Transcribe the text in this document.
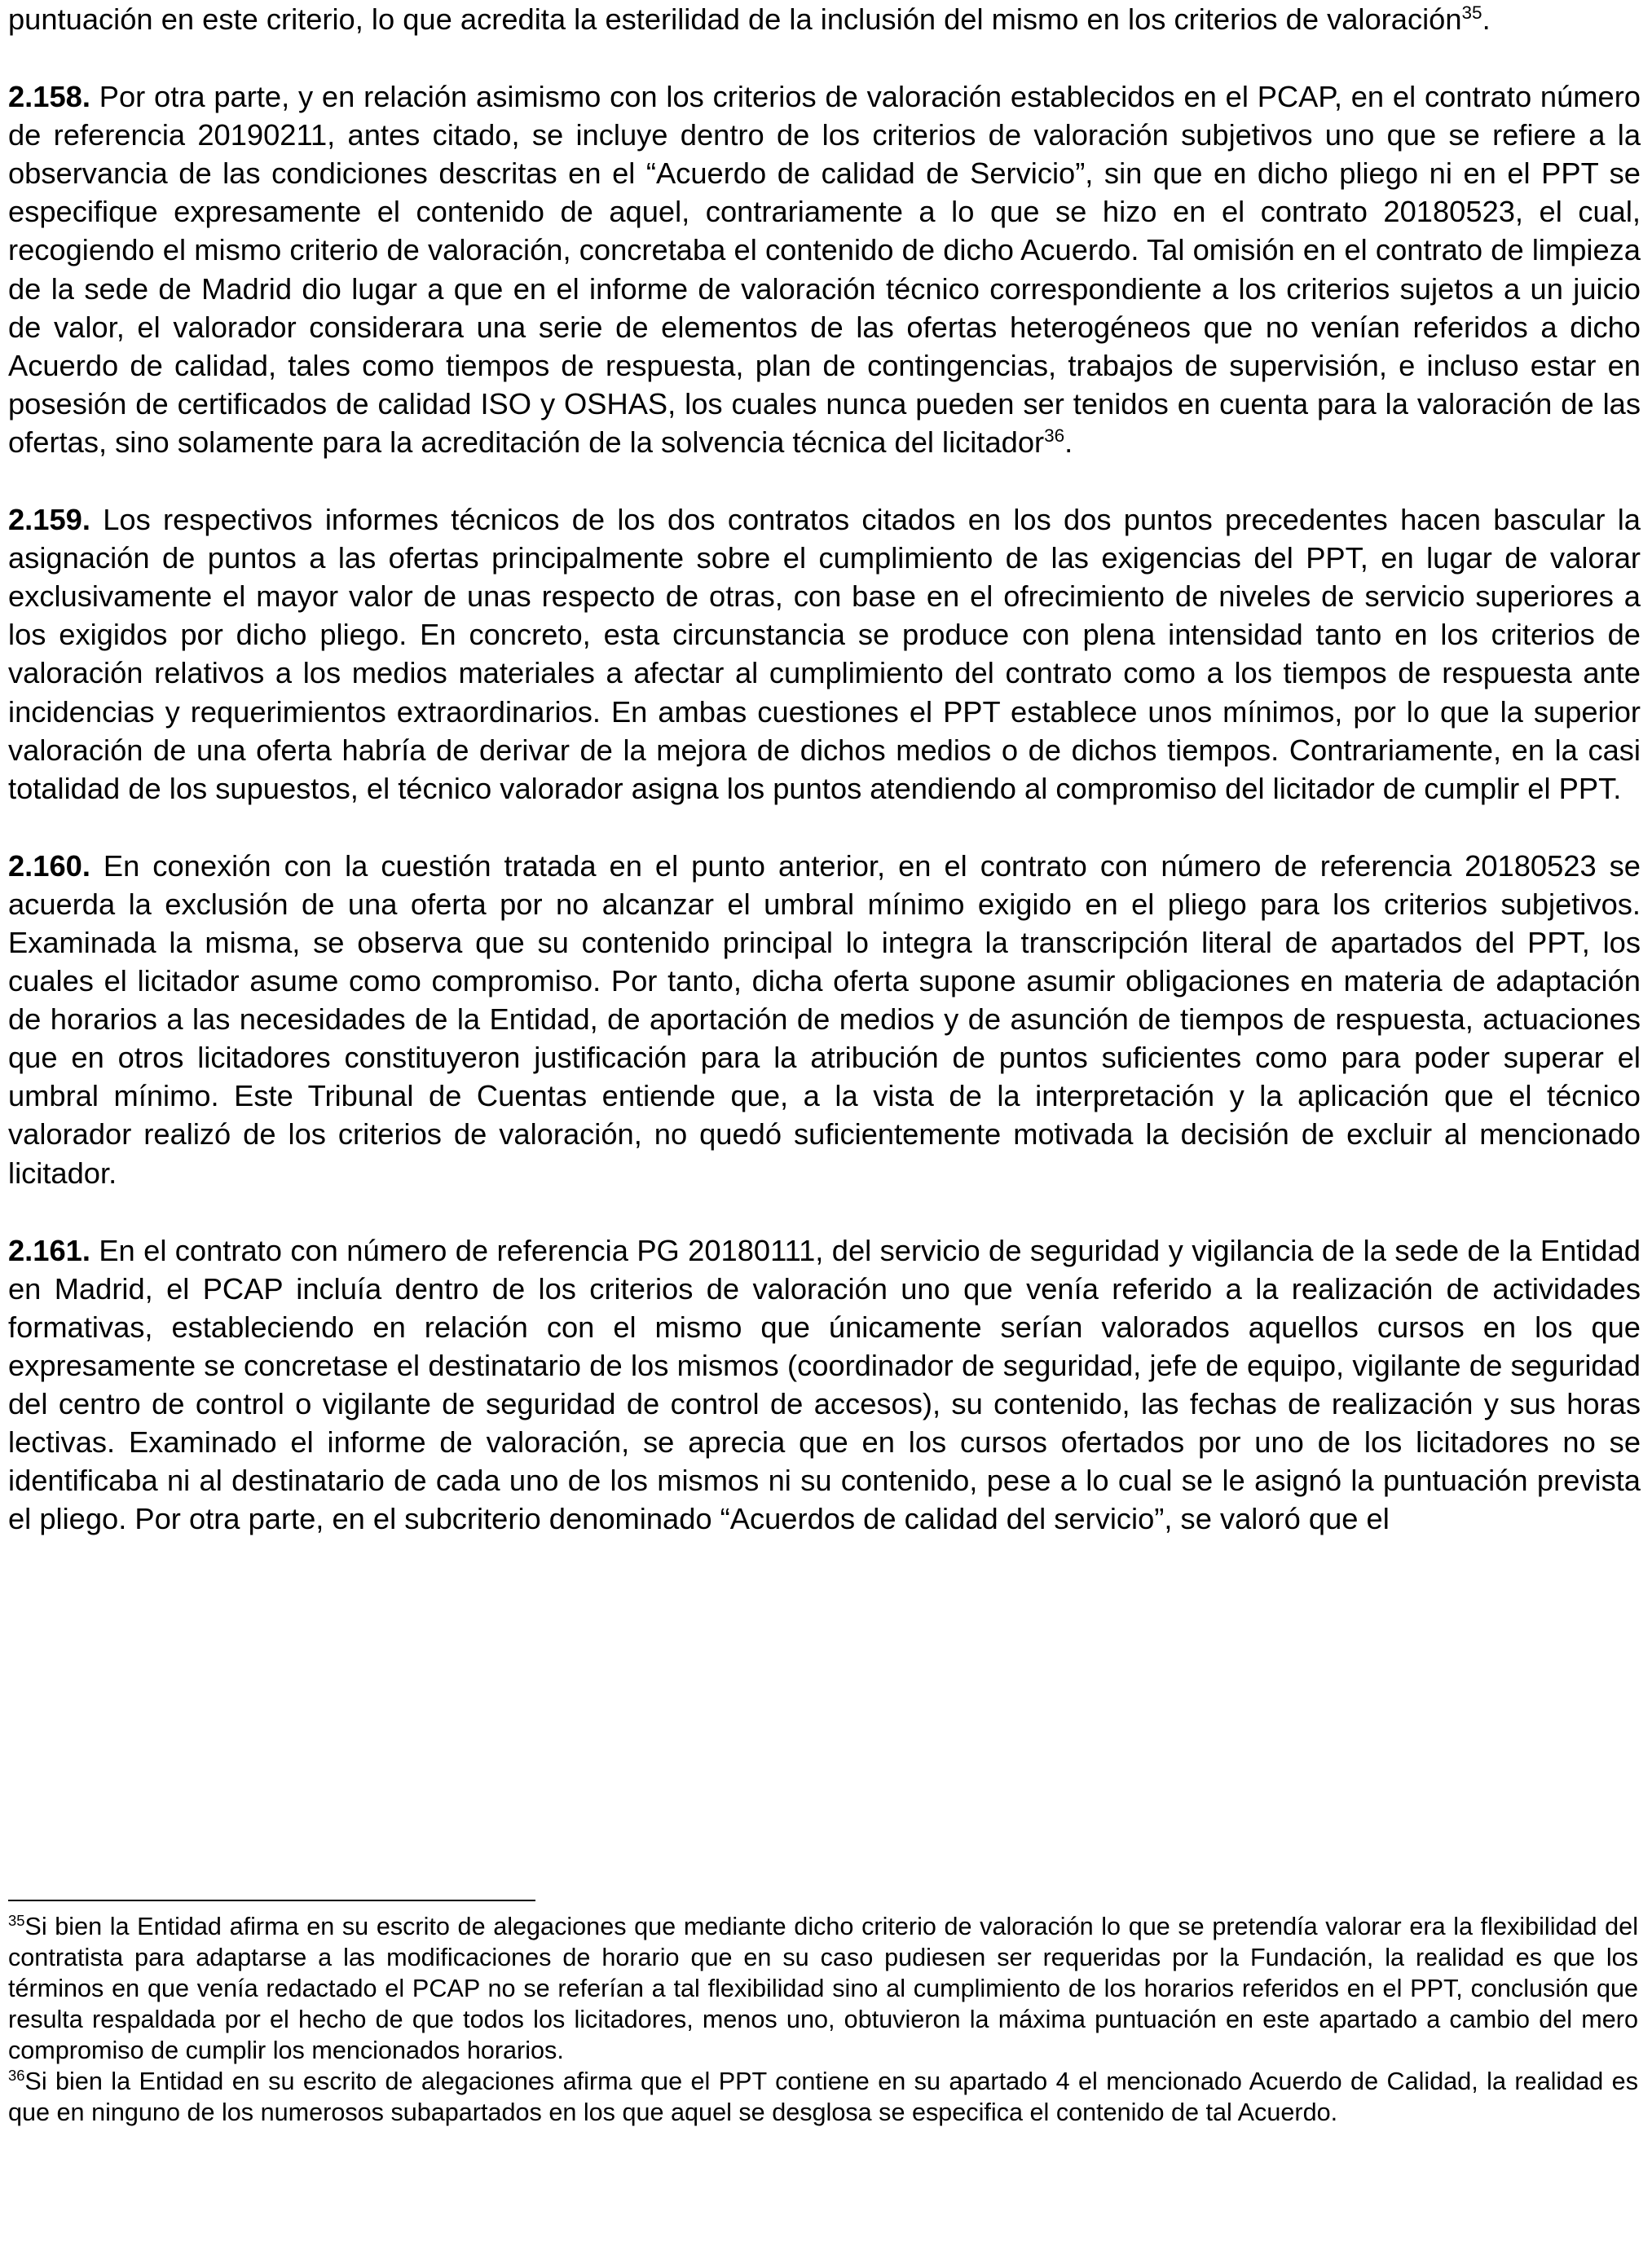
puntuación en este criterio, lo que acredita la esterilidad de la inclusión del mismo en los criterios de valoración$^{35}$.

2.158. Por otra parte, y en relación asimismo con los criterios de valoración establecidos en el PCAP, en el contrato número de referencia 20190211, antes citado, se incluye dentro de los criterios de valoración subjetivos uno que se refiere a la observancia de las condiciones descritas en el “Acuerdo de calidad de Servicio”, sin que en dicho pliego ni en el PPT se especifique expresamente el contenido de aquel, contrariamente a lo que se hizo en el contrato 20180523, el cual, recogiendo el mismo criterio de valoración, concretaba el contenido de dicho Acuerdo. Tal omisión en el contrato de limpieza de la sede de Madrid dio lugar a que en el informe de valoración técnico correspondiente a los criterios sujetos a un juicio de valor, el valorador considerara una serie de elementos de las ofertas heterogéneos que no venían referidos a dicho Acuerdo de calidad, tales como tiempos de respuesta, plan de contingencias, trabajos de supervisión, e incluso estar en posesión de certificados de calidad ISO y OSHAS, los cuales nunca pueden ser tenidos en cuenta para la valoración de las ofertas, sino solamente para la acreditación de la solvencia técnica del licitador$^{36}$.

2.159. Los respectivos informes técnicos de los dos contratos citados en los dos puntos precedentes hacen bascular la asignación de puntos a las ofertas principalmente sobre el cumplimiento de las exigencias del PPT, en lugar de valorar exclusivamente el mayor valor de unas respecto de otras, con base en el ofrecimiento de niveles de servicio superiores a los exigidos por dicho pliego. En concreto, esta circunstancia se produce con plena intensidad tanto en los criterios de valoración relativos a los medios materiales a afectar al cumplimiento del contrato como a los tiempos de respuesta ante incidencias y requerimientos extraordinarios. En ambas cuestiones el PPT establece unos mínimos, por lo que la superior valoración de una oferta habría de derivar de la mejora de dichos medios o de dichos tiempos. Contrariamente, en la casi totalidad de los supuestos, el técnico valorador asigna los puntos atendiendo al compromiso del licitador de cumplir el PPT.

2.160. En conexión con la cuestión tratada en el punto anterior, en el contrato con número de referencia 20180523 se acuerda la exclusión de una oferta por no alcanzar el umbral mínimo exigido en el pliego para los criterios subjetivos. Examinada la misma, se observa que su contenido principal lo integra la transcripción literal de apartados del PPT, los cuales el licitador asume como compromiso. Por tanto, dicha oferta supone asumir obligaciones en materia de adaptación de horarios a las necesidades de la Entidad, de aportación de medios y de asunción de tiempos de respuesta, actuaciones que en otros licitadores constituyeron justificación para la atribución de puntos suficientes como para poder superar el umbral mínimo. Este Tribunal de Cuentas entiende que, a la vista de la interpretación y la aplicación que el técnico valorador realizó de los criterios de valoración, no quedó suficientemente motivada la decisión de excluir al mencionado licitador.

2.161. En el contrato con número de referencia PG 20180111, del servicio de seguridad y vigilancia de la sede de la Entidad en Madrid, el PCAP incluía dentro de los criterios de valoración uno que venía referido a la realización de actividades formativas, estableciendo en relación con el mismo que únicamente serían valorados aquellos cursos en los que expresamente se concretase el destinatario de los mismos (coordinador de seguridad, jefe de equipo, vigilante de seguridad del centro de control o vigilante de seguridad de control de accesos), su contenido, las fechas de realización y sus horas lectivas. Examinado el informe de valoración, se aprecia que en los cursos ofertados por uno de los licitadores no se identificaba ni al destinatario de cada uno de los mismos ni su contenido, pese a lo cual se le asignó la puntuación prevista el pliego. Por otra parte, en el subcriterio denominado “Acuerdos de calidad del servicio”, se valoró que el

$^{35}$Si bien la Entidad afirma en su escrito de alegaciones que mediante dicho criterio de valoración lo que se pretendía valorar era la flexibilidad del contratista para adaptarse a las modificaciones de horario que en su caso pudiesen ser requeridas por la Fundación, la realidad es que los términos en que venía redactado el PCAP no se referían a tal flexibilidad sino al cumplimiento de los horarios referidos en el PPT, conclusión que resulta respaldada por el hecho de que todos los licitadores, menos uno, obtuvieron la máxima puntuación en este apartado a cambio del mero compromiso de cumplir los mencionados horarios.

$^{36}$Si bien la Entidad en su escrito de alegaciones afirma que el PPT contiene en su apartado 4 el mencionado Acuerdo de Calidad, la realidad es que en ninguno de los numerosos subapartados en los que aquel se desglosa se especifica el contenido de tal Acuerdo.
